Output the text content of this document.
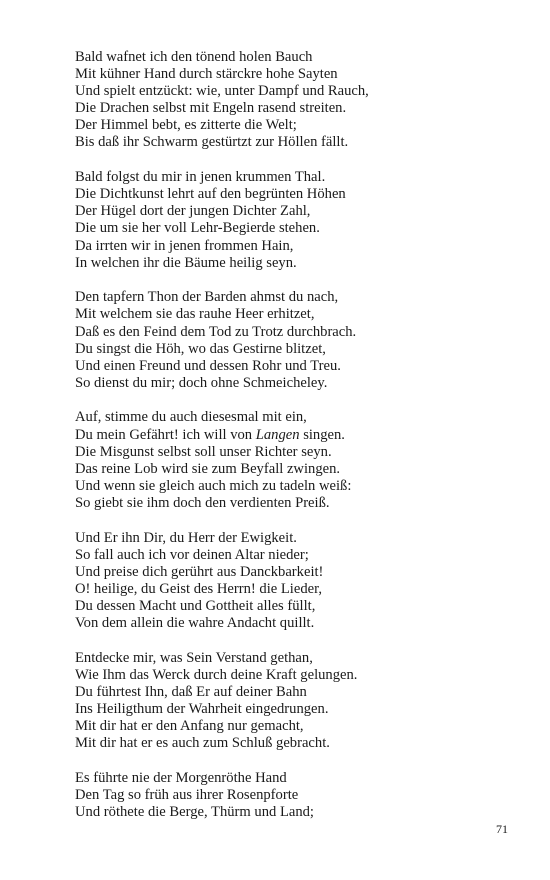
Bald wafnet ich den tönend holen Bauch
Mit kühner Hand durch stärckre hohe Sayten
Und spielt entzückt: wie, unter Dampf und Rauch,
Die Drachen selbst mit Engeln rasend streiten.
Der Himmel bebt, es zitterte die Welt;
Bis daß ihr Schwarm gestürtzt zur Höllen fällt.
Bald folgst du mir in jenen krummen Thal.
Die Dichtkunst lehrt auf den begrünten Höhen
Der Hügel dort der jungen Dichter Zahl,
Die um sie her voll Lehr-Begierde stehen.
Da irrten wir in jenen frommen Hain,
In welchen ihr die Bäume heilig seyn.
Den tapfern Thon der Barden ahmst du nach,
Mit welchem sie das rauhe Heer erhitzet,
Daß es den Feind dem Tod zu Trotz durchbrach.
Du singst die Höh, wo das Gestirne blitzet,
Und einen Freund und dessen Rohr und Treu.
So dienst du mir; doch ohne Schmeicheley.
Auf, stimme du auch diesesmal mit ein,
Du mein Gefährt! ich will von Langen singen.
Die Misgunst selbst soll unser Richter seyn.
Das reine Lob wird sie zum Beyfall zwingen.
Und wenn sie gleich auch mich zu tadeln weiß:
So giebt sie ihm doch den verdienten Preiß.
Und Er ihn Dir, du Herr der Ewigkeit.
So fall auch ich vor deinen Altar nieder;
Und preise dich gerührt aus Danckbarkeit!
O! heilige, du Geist des Herrn! die Lieder,
Du dessen Macht und Gottheit alles füllt,
Von dem allein die wahre Andacht quillt.
Entdecke mir, was Sein Verstand gethan,
Wie Ihm das Werck durch deine Kraft gelungen.
Du führtest Ihn, daß Er auf deiner Bahn
Ins Heiligthum der Wahrheit eingedrungen.
Mit dir hat er den Anfang nur gemacht,
Mit dir hat er es auch zum Schluß gebracht.
Es führte nie der Morgenröthe Hand
Den Tag so früh aus ihrer Rosenpforte
Und röthete die Berge, Thürm und Land;
71
